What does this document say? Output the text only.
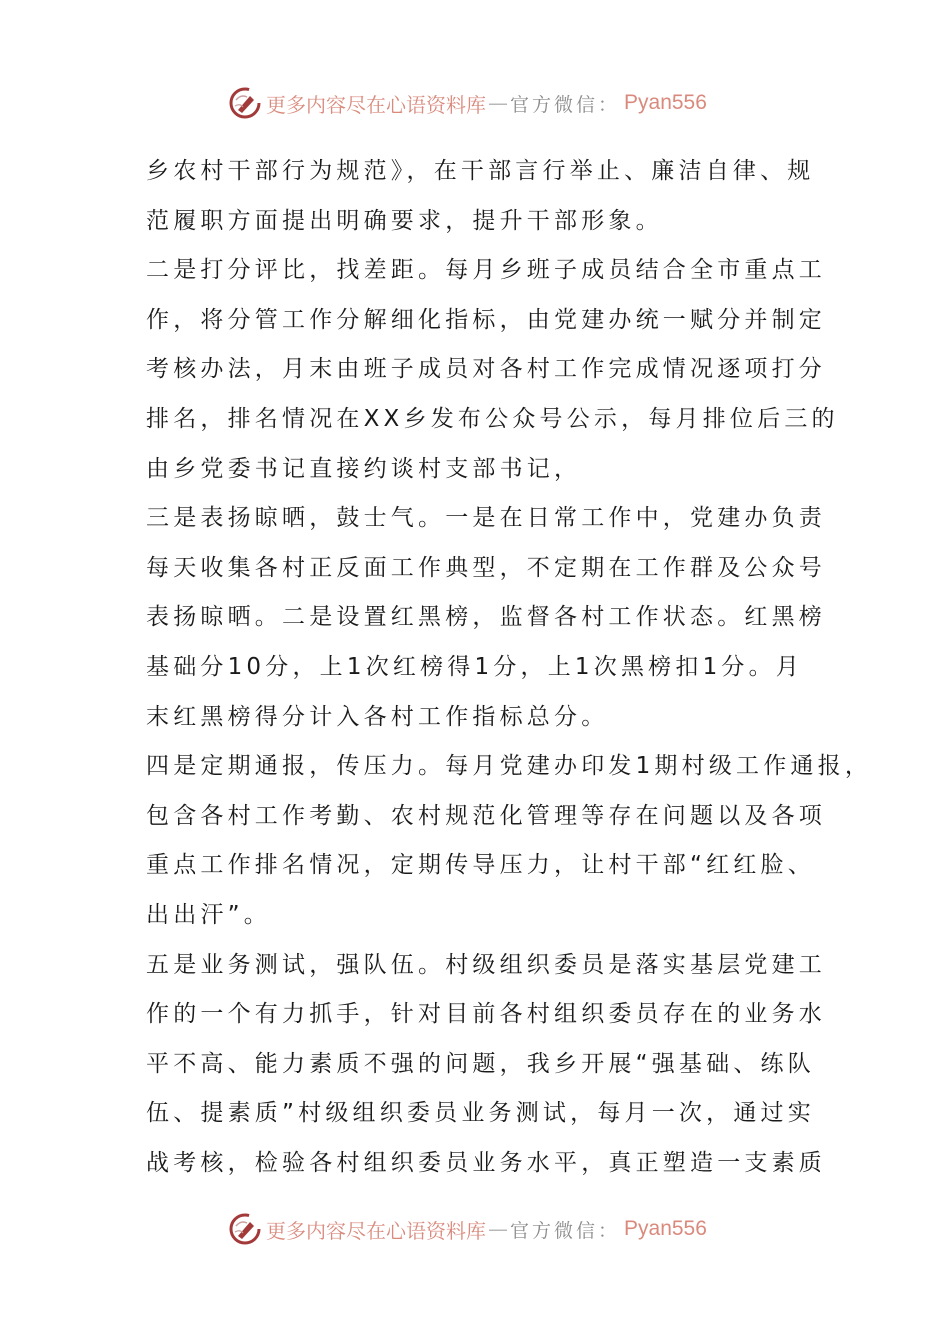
更多内容尽在心语资料库 — 官方微信： Pyan556
乡农村干部行为规范》，在干部言行举止、廉洁自律、规
范履职方面提出明确要求，提升干部形象。
二是打分评比，找差距。每月乡班子成员结合全市重点工
作，将分管工作分解细化指标，由党建办统一赋分并制定
考核办法，月末由班子成员对各村工作完成情况逐项打分
排名，排名情况在XX乡发布公众号公示，每月排位后三的
由乡党委书记直接约谈村支部书记，
三是表扬晾晒，鼓士气。一是在日常工作中，党建办负责
每天收集各村正反面工作典型，不定期在工作群及公众号
表扬晾晒。二是设置红黑榜，监督各村工作状态。红黑榜
基础分10分，上1次红榜得1分，上1次黑榜扣1分。月
末红黑榜得分计入各村工作指标总分。
四是定期通报，传压力。每月党建办印发1期村级工作通报，
包含各村工作考勤、农村规范化管理等存在问题以及各项
重点工作排名情况，定期传导压力，让村干部“红红脸、
出出汗”。
五是业务测试，强队伍。村级组织委员是落实基层党建工
作的一个有力抓手，针对目前各村组织委员存在的业务水
平不高、能力素质不强的问题，我乡开展“强基础、练队
伍、提素质”村级组织委员业务测试，每月一次，通过实
战考核，检验各村组织委员业务水平，真正塑造一支素质
更多内容尽在心语资料库 — 官方微信： Pyan556
